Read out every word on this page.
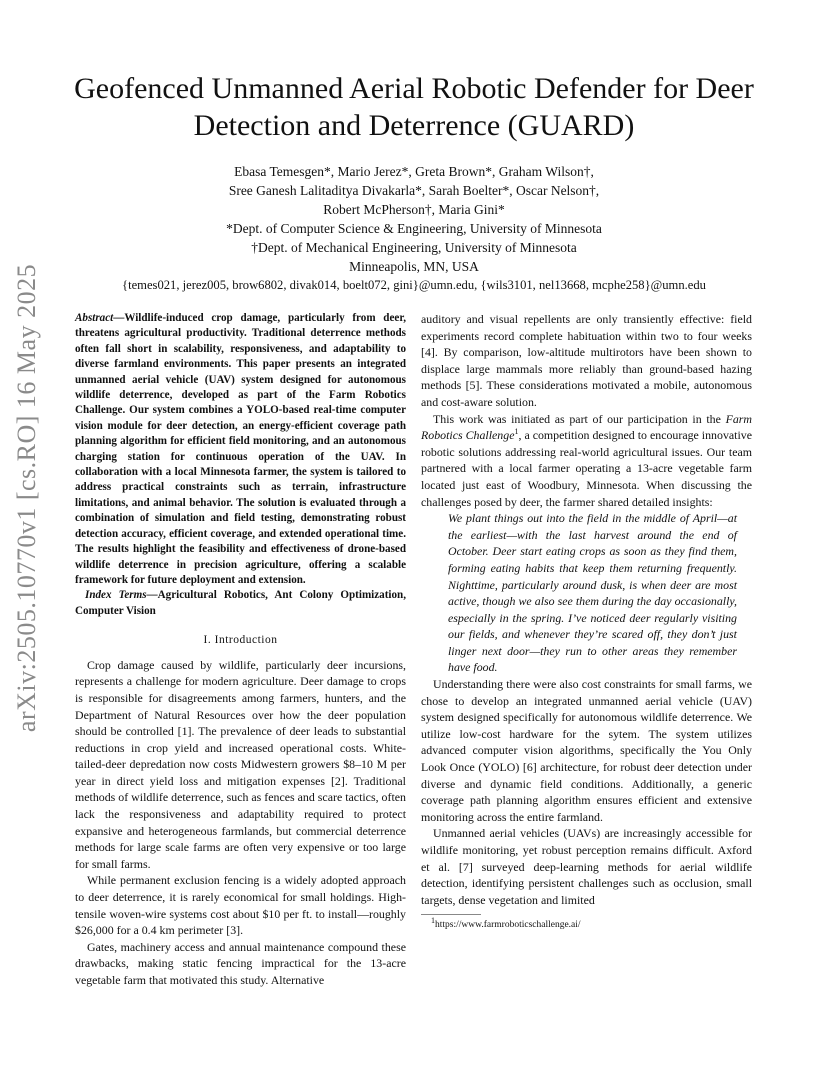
Geofenced Unmanned Aerial Robotic Defender for Deer Detection and Deterrence (GUARD)
Ebasa Temesgen*, Mario Jerez*, Greta Brown*, Graham Wilson†,
Sree Ganesh Lalitaditya Divakarla*, Sarah Boelter*, Oscar Nelson†,
Robert McPherson†, Maria Gini*
*Dept. of Computer Science & Engineering, University of Minnesota
†Dept. of Mechanical Engineering, University of Minnesota
Minneapolis, MN, USA
{temes021, jerez005, brow6802, divak014, boelt072, gini}@umn.edu, {wils3101, nel13668, mcphe258}@umn.edu
arXiv:2505.10770v1 [cs.RO] 16 May 2025	Abstract—Wildlife-induced crop damage, particularly from deer, threatens agricultural productivity. Traditional deterrence methods often fall short in scalability, responsiveness, and adaptability to diverse farmland environments. This paper presents an integrated unmanned aerial vehicle (UAV) system designed for autonomous wildlife deterrence, developed as part of the Farm Robotics Challenge. Our system combines a YOLO-based real-time computer vision module for deer detection, an energy-efficient coverage path planning algorithm for efficient field monitoring, and an autonomous charging station for continuous operation of the UAV. In collaboration with a local Minnesota farmer, the system is tailored to address practical constraints such as terrain, infrastructure limitations, and animal behavior. The solution is evaluated through a combination of simulation and field testing, demonstrating robust detection accuracy, efficient coverage, and extended operational time. The results highlight the feasibility and effectiveness of drone-based wildlife deterrence in precision agriculture, offering a scalable framework for future deployment and extension.

Index Terms—Agricultural Robotics, Ant Colony Optimization, Computer Vision

I. Introduction

Crop damage caused by wildlife, particularly deer incursions, represents a challenge for modern agriculture. Deer damage to crops is responsible for disagreements among farmers, hunters, and the Department of Natural Resources over how the deer population should be controlled [1]. The prevalence of deer leads to substantial reductions in crop yield and increased operational costs. White-tailed-deer depredation now costs Midwestern growers $8–10 M per year in direct yield loss and mitigation expenses [2]. Traditional methods of wildlife deterrence, such as fences and scare tactics, often lack the responsiveness and adaptability required to protect expansive and heterogeneous farmlands, but commercial deterrence methods for large scale farms are often very expensive or too large for small farms.

While permanent exclusion fencing is a widely adopted approach to deer deterrence, it is rarely economical for small holdings. High-tensile woven-wire systems cost about $10 per ft. to install—roughly $26,000 for a 0.4 km perimeter [3].

Gates, machinery access and annual maintenance compound these drawbacks, making static fencing impractical for the 13-acre vegetable farm that motivated this study. Alternative

auditory and visual repellents are only transiently effective: field experiments record complete habituation within two to four weeks [4]. By comparison, low-altitude multirotors have been shown to displace large mammals more reliably than ground-based hazing methods [5]. These considerations motivated a mobile, autonomous and cost-aware solution.

This work was initiated as part of our participation in the Farm Robotics Challenge$^1$, a competition designed to encourage innovative robotic solutions addressing real-world agricultural issues. Our team partnered with a local farmer operating a 13-acre vegetable farm located just east of Woodbury, Minnesota. When discussing the challenges posed by deer, the farmer shared detailed insights:

We plant things out into the field in the middle of April—at the earliest—with the last harvest around the end of October. Deer start eating crops as soon as they find them, forming eating habits that keep them returning frequently. Nighttime, particularly around dusk, is when deer are most active, though we also see them during the day occasionally, especially in the spring. I’ve noticed deer regularly visiting our fields, and whenever they’re scared off, they don’t just linger next door—they run to other areas they remember have food.

Understanding there were also cost constraints for small farms, we chose to develop an integrated unmanned aerial vehicle (UAV) system designed specifically for autonomous wildlife deterrence. We utilize low-cost hardware for the sytem. The system utilizes advanced computer vision algorithms, specifically the You Only Look Once (YOLO) [6] architecture, for robust deer detection under diverse and dynamic field conditions. Additionally, a generic coverage path planning algorithm ensures efficient and extensive monitoring across the entire farmland.

Unmanned aerial vehicles (UAVs) are increasingly accessible for wildlife monitoring, yet robust perception remains difficult. Axford et al. [7] surveyed deep-learning methods for aerial wildlife detection, identifying persistent challenges such as occlusion, small targets, dense vegetation and limited

$^1$https://www.farmroboticschallenge.ai/
